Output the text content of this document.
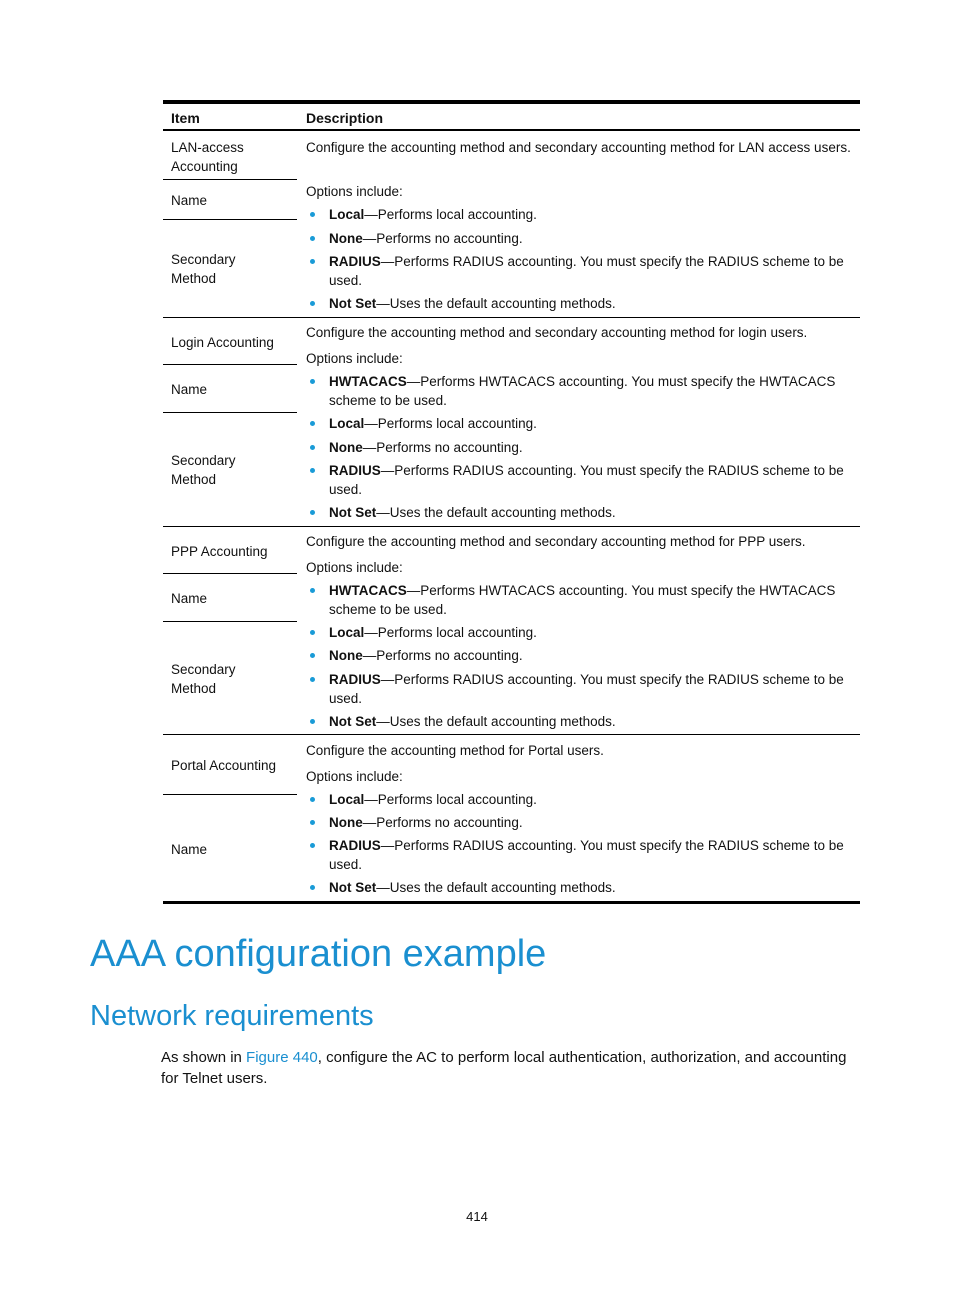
Item	Description
LAN-access Accounting
Name
Secondary Method
Configure the accounting method and secondary accounting method for LAN access users.
Options include:
Local—Performs local accounting.
None—Performs no accounting.
RADIUS—Performs RADIUS accounting. You must specify the RADIUS scheme to be used.
Not Set—Uses the default accounting methods.
Login Accounting
Name
Secondary Method
Configure the accounting method and secondary accounting method for login users.
Options include:
HWTACACS—Performs HWTACACS accounting. You must specify the HWTACACS scheme to be used.
Local—Performs local accounting.
None—Performs no accounting.
RADIUS—Performs RADIUS accounting. You must specify the RADIUS scheme to be used.
Not Set—Uses the default accounting methods.
PPP Accounting
Name
Secondary Method
Configure the accounting method and secondary accounting method for PPP users.
Options include:
HWTACACS—Performs HWTACACS accounting. You must specify the HWTACACS scheme to be used.
Local—Performs local accounting.
None—Performs no accounting.
RADIUS—Performs RADIUS accounting. You must specify the RADIUS scheme to be used.
Not Set—Uses the default accounting methods.
Portal Accounting
Name
Configure the accounting method for Portal users.
Options include:
Local—Performs local accounting.
None—Performs no accounting.
RADIUS—Performs RADIUS accounting. You must specify the RADIUS scheme to be used.
Not Set—Uses the default accounting methods.
AAA configuration example
Network requirements
As shown in Figure 440, configure the AC to perform local authentication, authorization, and accounting for Telnet users.
414
